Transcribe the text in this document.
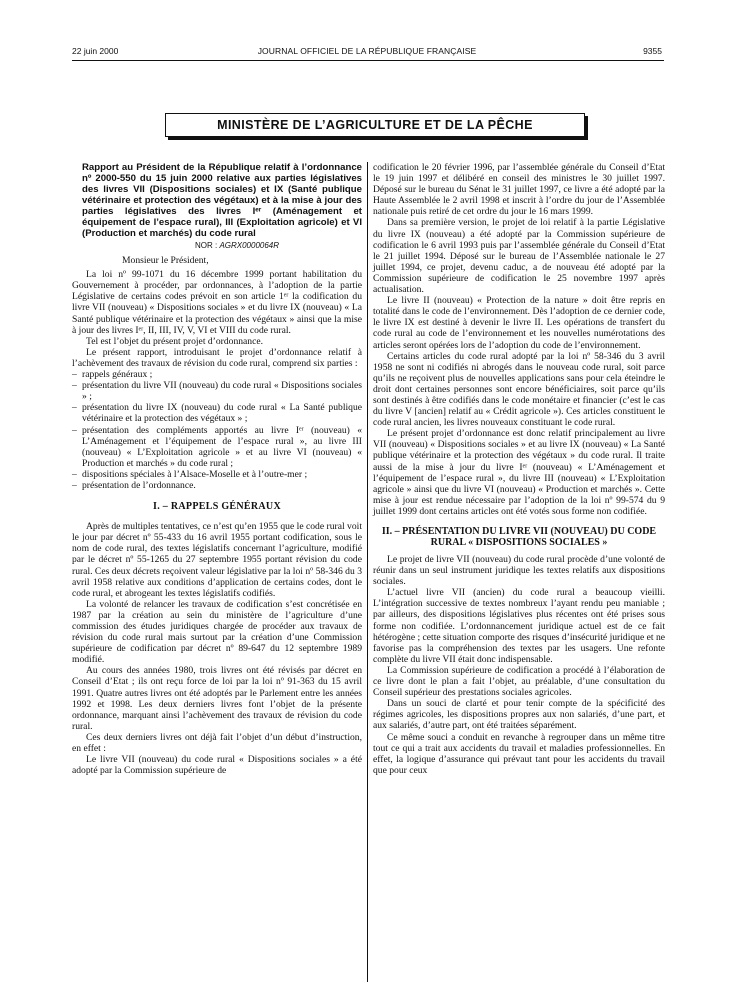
22 juin 2000	JOURNAL OFFICIEL DE LA RÉPUBLIQUE FRANÇAISE	9355
MINISTÈRE DE L’AGRICULTURE ET DE LA PÊCHE
Rapport au Président de la République relatif à l’ordonnance nº 2000-550 du 15 juin 2000 relative aux parties législatives des livres VII (Dispositions sociales) et IX (Santé publique vétérinaire et protection des végétaux) et à la mise à jour des parties législatives des livres Iᵉʳ (Aménagement et équipement de l’espace rural), III (Exploitation agricole) et VI (Production et marchés) du code rural
NOR : AGRX0000064R

Monsieur le Président,

La loi nº 99-1071 du 16 décembre 1999 portant habilitation du Gouvernement à procéder, par ordonnances, à l’adoption de la partie Législative de certains codes prévoit en son article 1ᵉʳ la codification du livre VII (nouveau) « Dispositions sociales » et du livre IX (nouveau) « La Santé publique vétérinaire et la protection des végétaux » ainsi que la mise à jour des livres Iᵉʳ, II, III, IV, V, VI et VIII du code rural.

Tel est l’objet du présent projet d’ordonnance.

Le présent rapport, introduisant le projet d’ordonnance relatif à l’achèvement des travaux de révision du code rural, comprend six parties :

– rappels généraux ;
– présentation du livre VII (nouveau) du code rural « Dispositions sociales » ;
– présentation du livre IX (nouveau) du code rural « La Santé publique vétérinaire et la protection des végétaux » ;
– présentation des compléments apportés au livre Iᵉʳ (nouveau) « L’Aménagement et l’équipement de l’espace rural », au livre III (nouveau) « L’Exploitation agricole » et au livre VI (nouveau) « Production et marchés » du code rural ;
– dispositions spéciales à l’Alsace-Moselle et à l’outre-mer ;
– présentation de l’ordonnance.
I. – RAPPELS GÉNÉRAUX

Après de multiples tentatives, ce n’est qu’en 1955 que le code rural voit le jour par décret nº 55-433 du 16 avril 1955 portant codification, sous le nom de code rural, des textes législatifs concernant l’agriculture, modifié par le décret nº 55-1265 du 27 septembre 1955 portant révision du code rural. Ces deux décrets reçoivent valeur législative par la loi nº 58-346 du 3 avril 1958 relative aux conditions d’application de certains codes, dont le code rural, et abrogeant les textes législatifs codifiés.

La volonté de relancer les travaux de codification s’est concrétisée en 1987 par la création au sein du ministère de l’agriculture d’une commission des études juridiques chargée de procéder aux travaux de révision du code rural mais surtout par la création d’une Commission supérieure de codification par décret nº 89-647 du 12 septembre 1989 modifié.

Au cours des années 1980, trois livres ont été révisés par décret en Conseil d’Etat ; ils ont reçu force de loi par la loi nº 91-363 du 15 avril 1991. Quatre autres livres ont été adoptés par le Parlement entre les années 1992 et 1998. Les deux derniers livres font l’objet de la présente ordonnance, marquant ainsi l’achèvement des travaux de révision du code rural.

Ces deux derniers livres ont déjà fait l’objet d’un début d’instruction, en effet :

Le livre VII (nouveau) du code rural « Dispositions sociales » a été adopté par la Commission supérieure de

codification le 20 février 1996, par l’assemblée générale du Conseil d’Etat le 19 juin 1997 et délibéré en conseil des ministres le 30 juillet 1997. Déposé sur le bureau du Sénat le 31 juillet 1997, ce livre a été adopté par la Haute Assemblée le 2 avril 1998 et inscrit à l’ordre du jour de l’Assemblée nationale puis retiré de cet ordre du jour le 16 mars 1999.

Dans sa première version, le projet de loi relatif à la partie Législative du livre IX (nouveau) a été adopté par la Commission supérieure de codification le 6 avril 1993 puis par l’assemblée générale du Conseil d’Etat le 21 juillet 1994. Déposé sur le bureau de l’Assemblée nationale le 27 juillet 1994, ce projet, devenu caduc, a de nouveau été adopté par la Commission supérieure de codification le 25 novembre 1997 après actualisation.

Le livre II (nouveau) « Protection de la nature » doit être repris en totalité dans le code de l’environnement. Dès l’adoption de ce dernier code, le livre IX est destiné à devenir le livre II. Les opérations de transfert du code rural au code de l’environnement et les nouvelles numérotations des articles seront opérées lors de l’adoption du code de l’environnement.

Certains articles du code rural adopté par la loi nº 58-346 du 3 avril 1958 ne sont ni codifiés ni abrogés dans le nouveau code rural, soit parce qu’ils ne reçoivent plus de nouvelles applications sans pour cela éteindre le droit dont certaines personnes sont encore bénéficiaires, soit parce qu’ils sont destinés à être codifiés dans le code monétaire et financier (c’est le cas du livre V [ancien] relatif au « Crédit agricole »). Ces articles constituent le code rural ancien, les livres nouveaux constituant le code rural.

Le présent projet d’ordonnance est donc relatif principalement au livre VII (nouveau) « Dispositions sociales » et au livre IX (nouveau) « La Santé publique vétérinaire et la protection des végétaux » du code rural. Il traite aussi de la mise à jour du livre Iᵉʳ (nouveau) « L’Aménagement et l’équipement de l’espace rural », du livre III (nouveau) « L’Exploitation agricole » ainsi que du livre VI (nouveau) « Production et marchés ». Cette mise à jour est rendue nécessaire par l’adoption de la loi nº 99-574 du 9 juillet 1999 dont certains articles ont été votés sous forme non codifiée.

II. – PRÉSENTATION DU LIVRE VII (NOUVEAU) DU CODE RURAL « DISPOSITIONS SOCIALES »

Le projet de livre VII (nouveau) du code rural procède d’une volonté de réunir dans un seul instrument juridique les textes relatifs aux dispositions sociales.

L’actuel livre VII (ancien) du code rural a beaucoup vieilli. L’intégration successive de textes nombreux l’ayant rendu peu maniable ; par ailleurs, des dispositions législatives plus récentes ont été prises sous forme non codifiée. L’ordonnancement juridique actuel est de ce fait hétérogène ; cette situation comporte des risques d’insécurité juridique et ne favorise pas la compréhension des textes par les usagers. Une refonte complète du livre VII était donc indispensable.

La Commission supérieure de codification a procédé à l’élaboration de ce livre dont le plan a fait l’objet, au préalable, d’une consultation du Conseil supérieur des prestations sociales agricoles.

Dans un souci de clarté et pour tenir compte de la spécificité des régimes agricoles, les dispositions propres aux non salariés, d’une part, et aux salariés, d’autre part, ont été traitées séparément.

Ce même souci a conduit en revanche à regrouper dans un même titre tout ce qui a trait aux accidents du travail et maladies professionnelles. En effet, la logique d’assurance qui prévaut tant pour les accidents du travail que pour ceux
